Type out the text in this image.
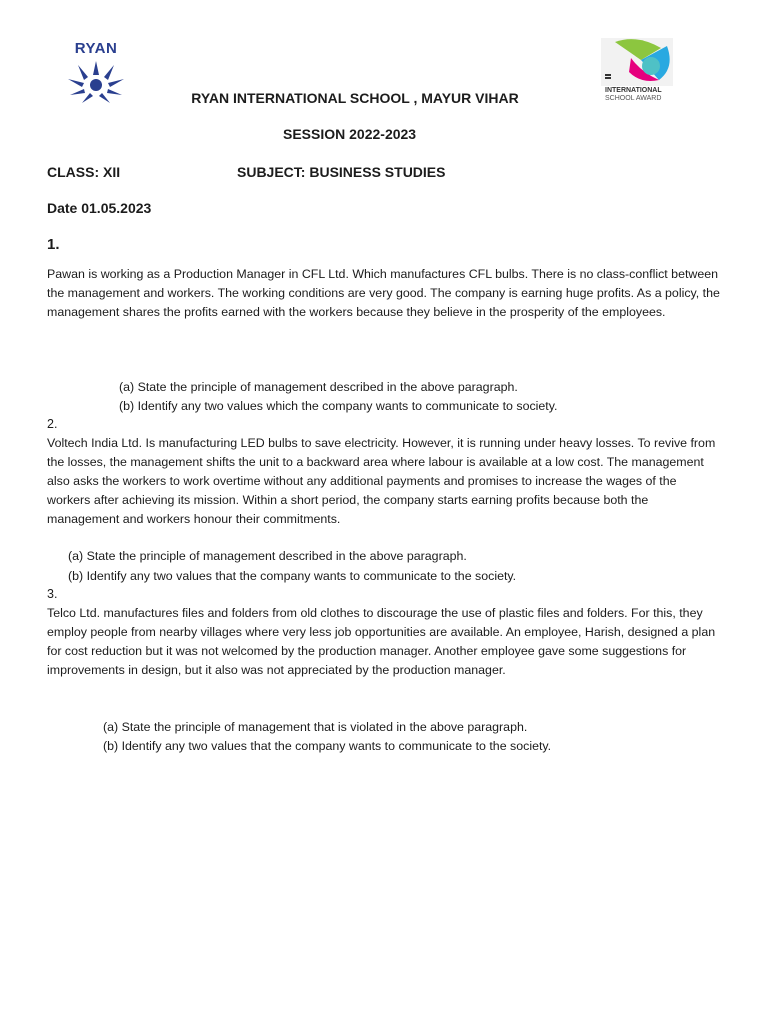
RYAN
INTERNATIONAL
SCHOOL AWARD
RYAN INTERNATIONAL SCHOOL , MAYUR VIHAR
SESSION 2022-2023
CLASS: XII	SUBJECT: BUSINESS STUDIES
Date 01.05.2023
1.
Pawan is working as a Production Manager in CFL Ltd. Which manufactures CFL bulbs. There is no class-conflict between the management and workers. The working conditions are very good. The company is earning huge profits. As a policy, the management shares the profits earned with the workers because they believe in the prosperity of the employees.
(a) State the principle of management described in the above paragraph.
(b) Identify any two values which the company wants to communicate to society.
2.
Voltech India Ltd. Is manufacturing LED bulbs to save electricity. However, it is running under heavy losses. To revive from the losses, the management shifts the unit to a backward area where labour is available at a low cost. The management also asks the workers to work overtime without any additional payments and promises to increase the wages of the workers after achieving its mission. Within a short period, the company starts earning profits because both the management and workers honour their commitments.
(a) State the principle of management described in the above paragraph.
(b) Identify any two values that the company wants to communicate to the society.
3.
Telco Ltd. manufactures files and folders from old clothes to discourage the use of plastic files and folders. For this, they employ people from nearby villages where very less job opportunities are available. An employee, Harish, designed a plan for cost reduction but it was not welcomed by the production manager. Another employee gave some suggestions for improvements in design, but it also was not appreciated by the production manager.
(a) State the principle of management that is violated in the above paragraph.
(b) Identify any two values that the company wants to communicate to the society.
